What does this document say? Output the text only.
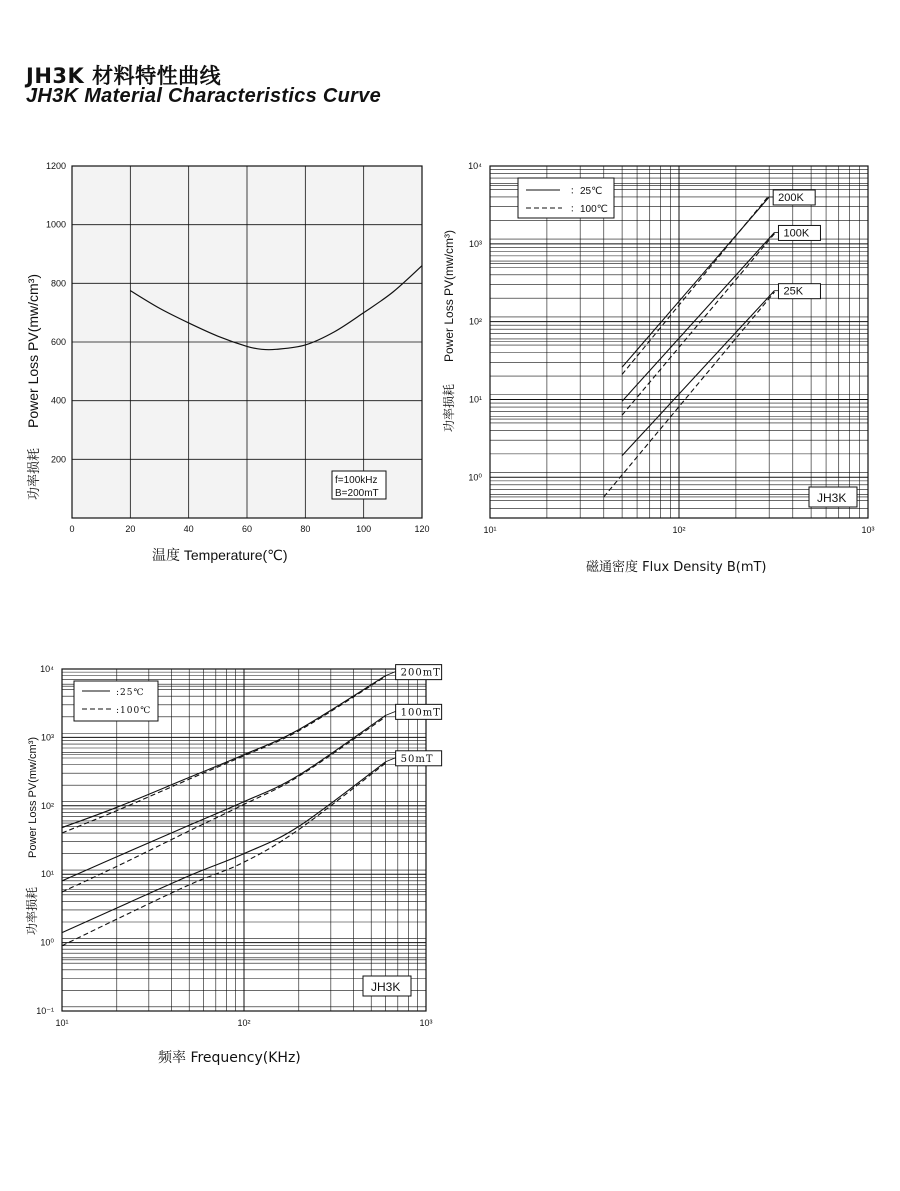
JH3K 材料特性曲线
JH3K Material Characteristics Curve
0	20	40	60	80	100	120
200
400
600
800
1000
1200
f=100kHz
B=200mT
温度 Temperature(℃)
Power Loss PV(mw/cm³)
功率损耗
10¹	10²	10³
10⁰
10¹
10²
10³
10⁴
200K
100K
25K
：25℃
：100℃
JH3K
磁通密度 Flux Density B(mT)
Power Loss PV(mw/cm³)
功率损耗
10¹	10²	10³
10⁻¹
10⁰
10¹
10²
10³
10⁴	200mT
100mT
50mT
:25℃
:100℃
JH3K
频率 Frequency(KHz)
Power Loss PV(mw/cm³)
功率损耗
